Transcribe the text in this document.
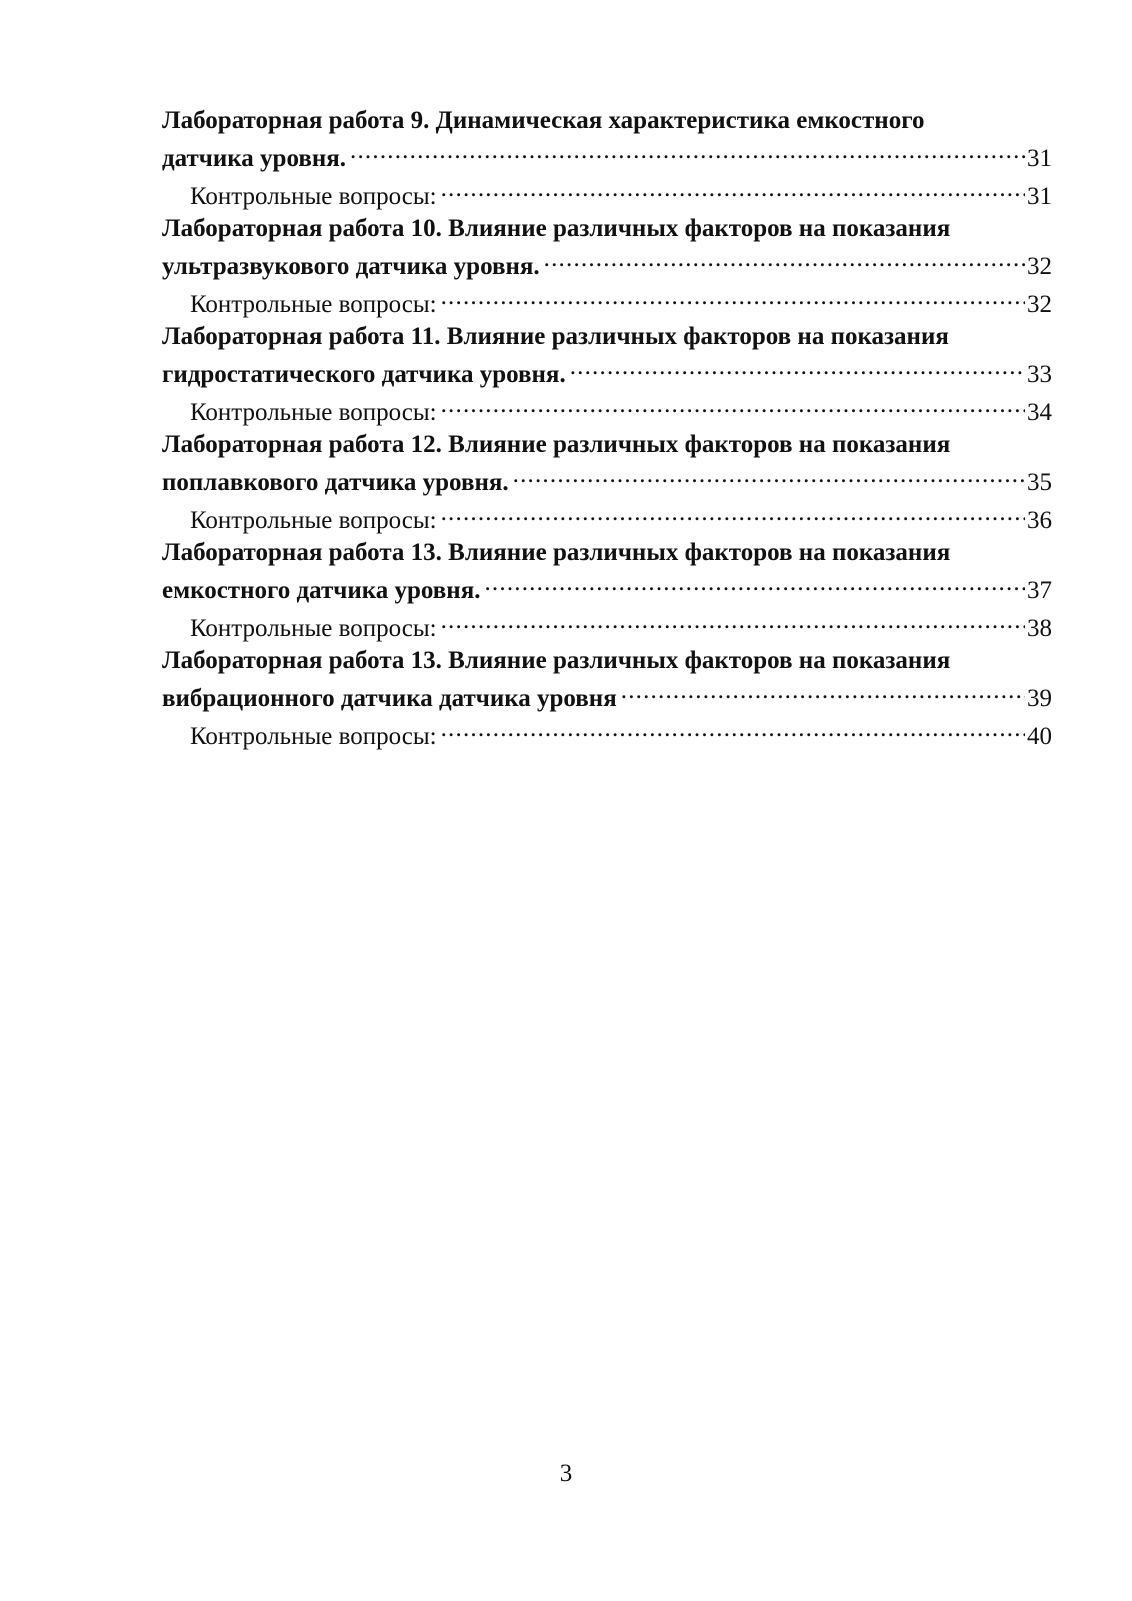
Лабораторная работа 9. Динамическая характеристика емкостного
датчика уровня. .....	31
Контрольные вопросы: .....	31
Лабораторная работа 10. Влияние различных факторов на показания
ультразвукового датчика уровня. .....	32
Контрольные вопросы: .....	32
Лабораторная работа 11. Влияние различных факторов на показания
гидростатического датчика уровня. .....	33
Контрольные вопросы: .....	34
Лабораторная работа 12. Влияние различных факторов на показания
поплавкового датчика уровня. .....	35
Контрольные вопросы: .....	36
Лабораторная работа 13. Влияние различных факторов на показания
емкостного датчика уровня. .....	37
Контрольные вопросы: .....	38
Лабораторная работа 13. Влияние различных факторов на показания
вибрационного датчика датчика уровня .....	39
Контрольные вопросы: .....	40
3
